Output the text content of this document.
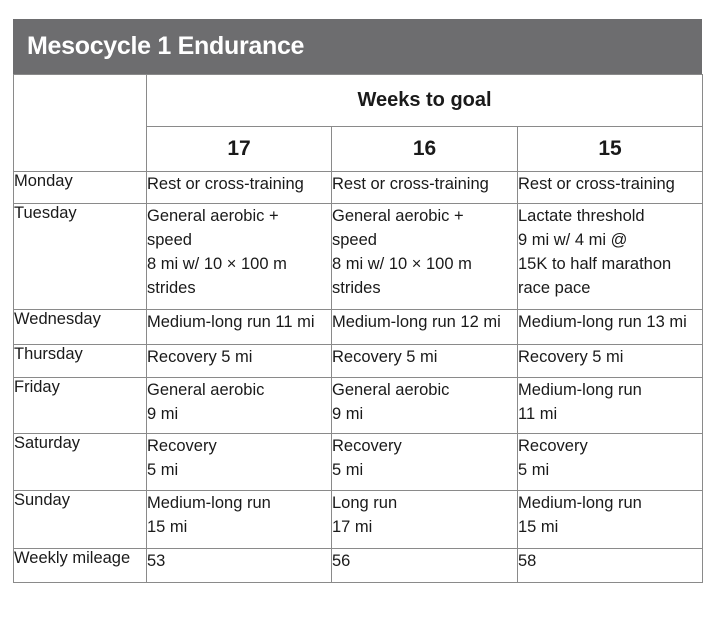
Mesocycle 1 Endurance
	Weeks to goal		
	17	16	15
Monday	Rest or cross-training	Rest or cross-training	Rest or cross-training
Tuesday	General aerobic +
speed
8 mi w/ 10 × 100 m
strides	General aerobic +
speed
8 mi w/ 10 × 100 m
strides	Lactate threshold
9 mi w/ 4 mi @
15K to half marathon
race pace
Wednesday	Medium-long run 11 mi	Medium-long run 12 mi	Medium-long run 13 mi
Thursday	Recovery 5 mi	Recovery 5 mi	Recovery 5 mi
Friday	General aerobic
9 mi	General aerobic
9 mi	Medium-long run
11 mi
Saturday	Recovery
5 mi	Recovery
5 mi	Recovery
5 mi
Sunday	Medium-long run
15 mi	Long run
17 mi	Medium-long run
15 mi
Weekly mileage	53	56	58
